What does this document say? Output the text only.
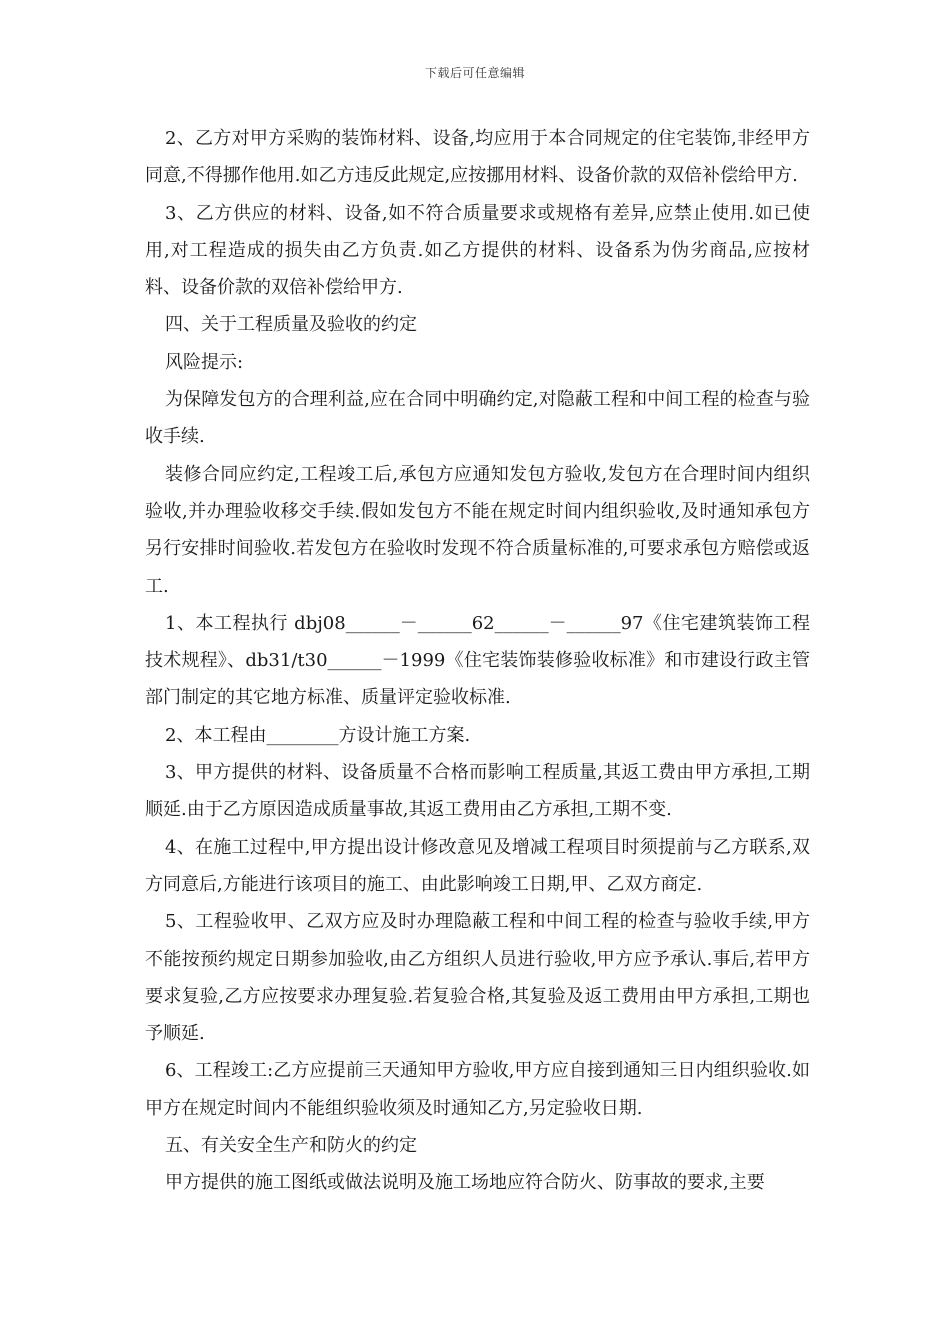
下载后可任意编辑

2、乙方对甲方采购的装饰材料、设备,均应用于本合同规定的住宅装饰,非经甲方同意,不得挪作他用.如乙方违反此规定,应按挪用材料、设备价款的双倍补偿给甲方.

3、乙方供应的材料、设备,如不符合质量要求或规格有差异,应禁止使用.如已使用,对工程造成的损失由乙方负责.如乙方提供的材料、设备系为伪劣商品,应按材料、设备价款的双倍补偿给甲方.

四、关于工程质量及验收的约定

风险提示:

为保障发包方的合理利益,应在合同中明确约定,对隐蔽工程和中间工程的检查与验收手续.

装修合同应约定,工程竣工后,承包方应通知发包方验收,发包方在合理时间内组织验收,并办理验收移交手续.假如发包方不能在规定时间内组织验收,及时通知承包方另行安排时间验收.若发包方在验收时发现不符合质量标准的,可要求承包方赔偿或返工.

1、本工程执行 dbj08______－______62______－______97《住宅建筑装饰工程技术规程》、db31/t30______－1999《住宅装饰装修验收标准》和市建设行政主管部门制定的其它地方标准、质量评定验收标准.

2、本工程由________方设计施工方案.

3、甲方提供的材料、设备质量不合格而影响工程质量,其返工费由甲方承担,工期顺延.由于乙方原因造成质量事故,其返工费用由乙方承担,工期不变.

4、在施工过程中,甲方提出设计修改意见及增减工程项目时须提前与乙方联系,双方同意后,方能进行该项目的施工、由此影响竣工日期,甲、乙双方商定.

5、工程验收甲、乙双方应及时办理隐蔽工程和中间工程的检查与验收手续,甲方不能按预约规定日期参加验收,由乙方组织人员进行验收,甲方应予承认.事后,若甲方要求复验,乙方应按要求办理复验.若复验合格,其复验及返工费用由甲方承担,工期也予顺延.

6、工程竣工:乙方应提前三天通知甲方验收,甲方应自接到通知三日内组织验收.如甲方在规定时间内不能组织验收须及时通知乙方,另定验收日期.

五、有关安全生产和防火的约定

甲方提供的施工图纸或做法说明及施工场地应符合防火、防事故的要求,主要
